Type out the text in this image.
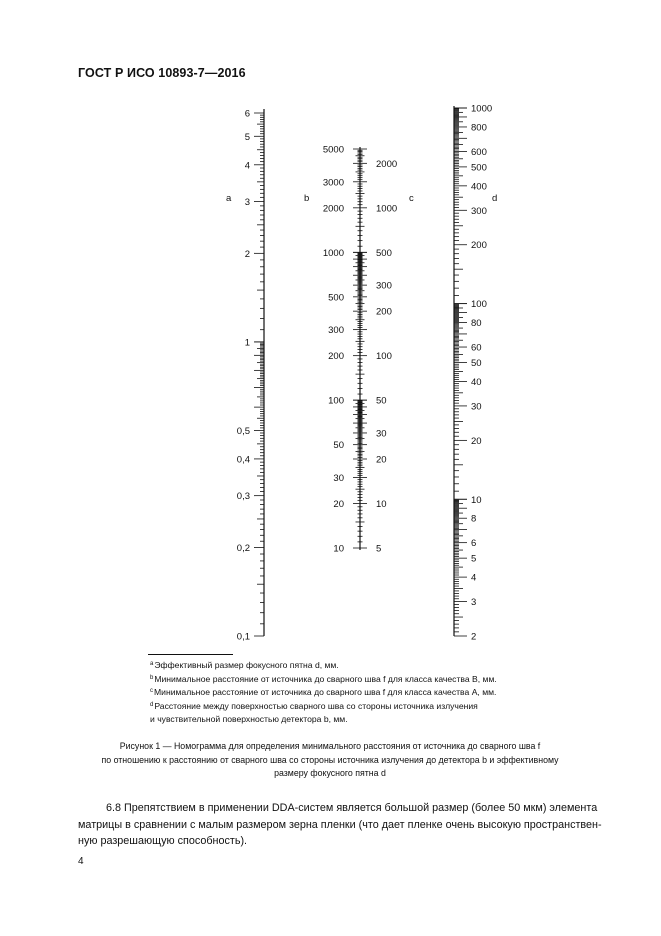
ГОСТ Р ИСО 10893-7—2016
6
5
4
3
2
1
0,5
0,4
0,3
0,2
0,1
a
5000
3000
2000
1000
500
300
200
100
50
30
20
10
2000
1000
500
300
200
100
50
30
20
10
5
b
1000
800
600
500
400
300
200
100
80
60
50
40
30
20
10
8
6
5
4
3
2
c	d
$^a$Эффективный размер фокусного пятна d, мм.
$^b$Минимальное расстояние от источника до сварного шва f для класса качества B, мм.
$^c$Минимальное расстояние от источника до сварного шва f для класса качества A, мм.
$^d$Расстояние между поверхностью сварного шва со стороны источника излучения
и чувствительной поверхностью детектора b, мм.
Рисунок 1 — Номограмма для определения минимального расстояния от источника до сварного шва f
по отношению к расстоянию от сварного шва со стороны источника излучения до детектора b и эффективному
размеру фокусного пятна d
6.8 Препятствием в применении DDA-систем является большой размер (более 50 мкм) элемента
матрицы в сравнении с малым размером зерна пленки (что дает пленке очень высокую пространствен-
ную разрешающую способность).
4
